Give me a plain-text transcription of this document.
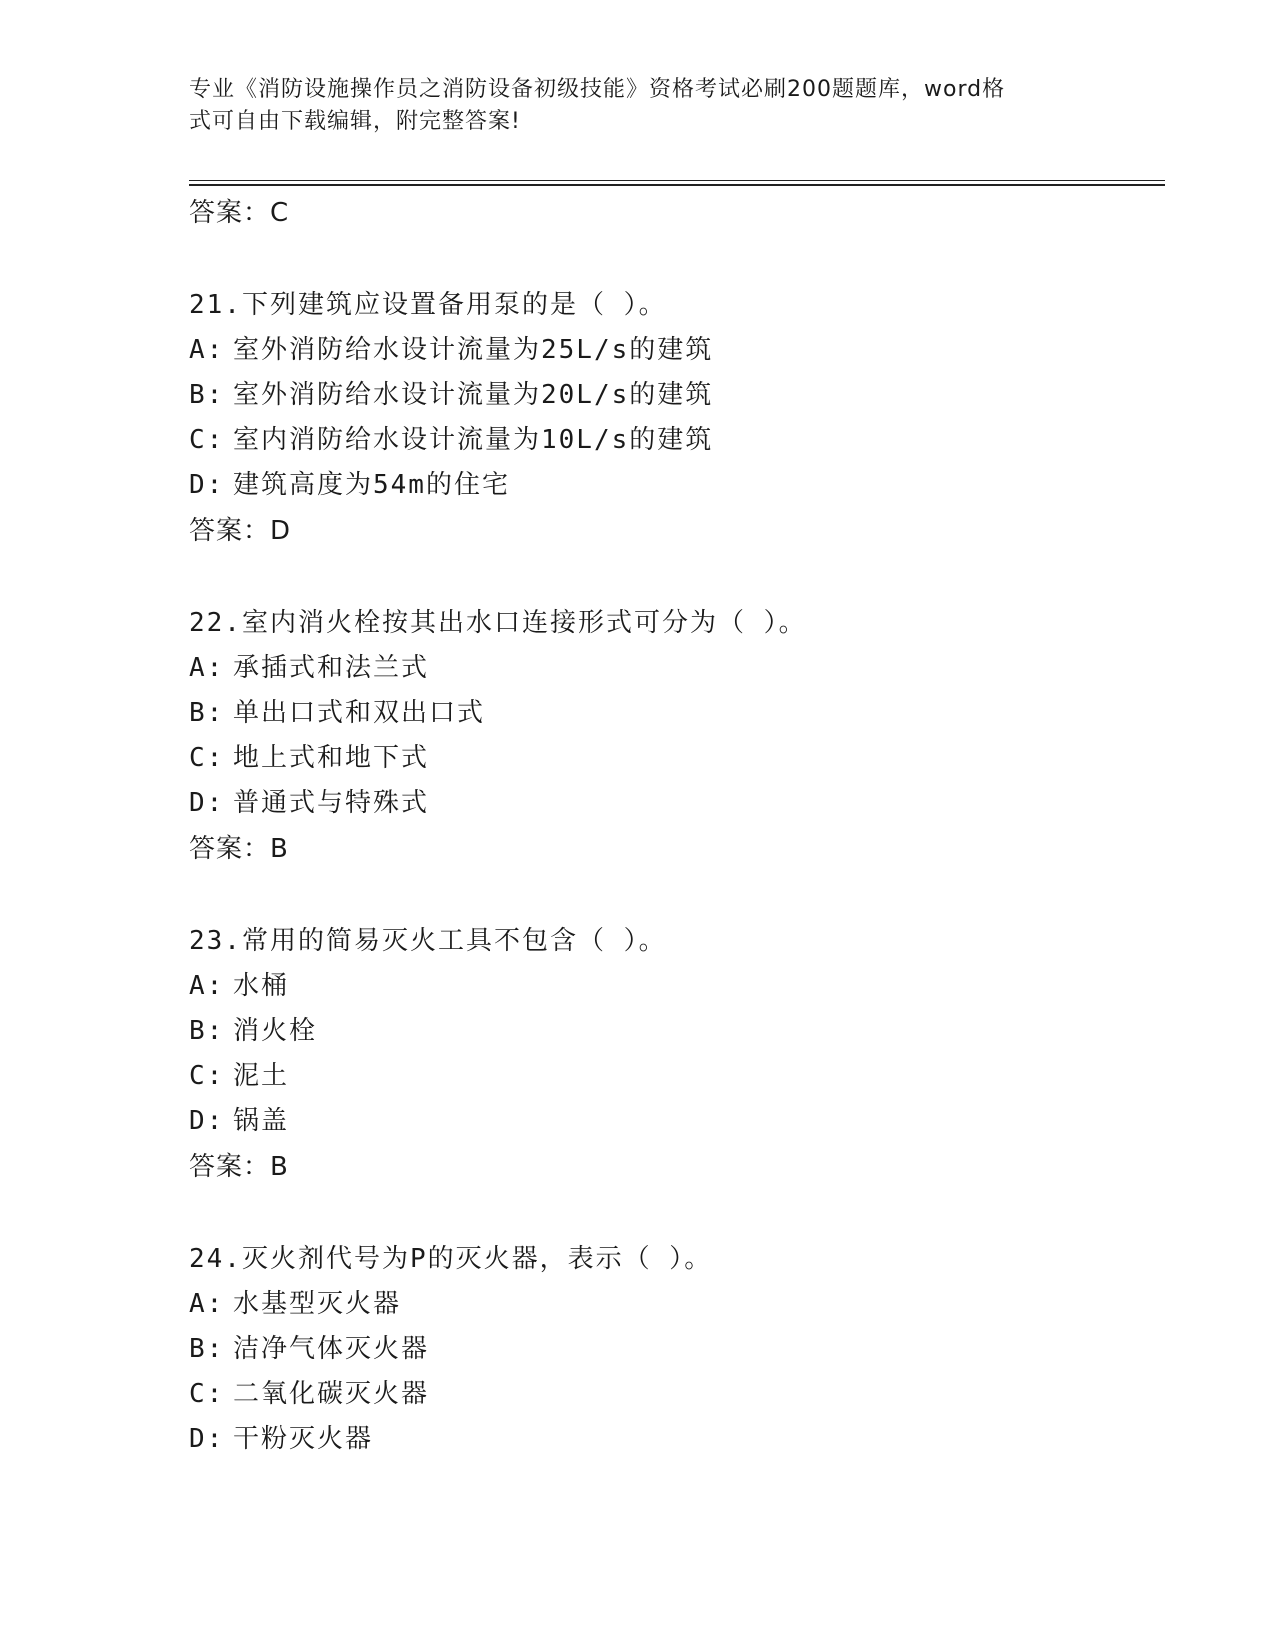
专业《消防设施操作员之消防设备初级技能》资格考试必刷200题题库，word格
式可自由下载编辑，附完整答案!
答案：C
21.下列建筑应设置备用泵的是（ ）。
A: 室外消防给水设计流量为25L/s的建筑
B: 室外消防给水设计流量为20L/s的建筑
C: 室内消防给水设计流量为10L/s的建筑
D: 建筑高度为54m的住宅
答案：D
22.室内消火栓按其出水口连接形式可分为（ ）。
A: 承插式和法兰式
B: 单出口式和双出口式
C: 地上式和地下式
D: 普通式与特殊式
答案：B
23.常用的简易灭火工具不包含（ ）。
A: 水桶
B: 消火栓
C: 泥土
D: 锅盖
答案：B
24.灭火剂代号为P的灭火器，表示（ ）。
A: 水基型灭火器
B: 洁净气体灭火器
C: 二氧化碳灭火器
D: 干粉灭火器
